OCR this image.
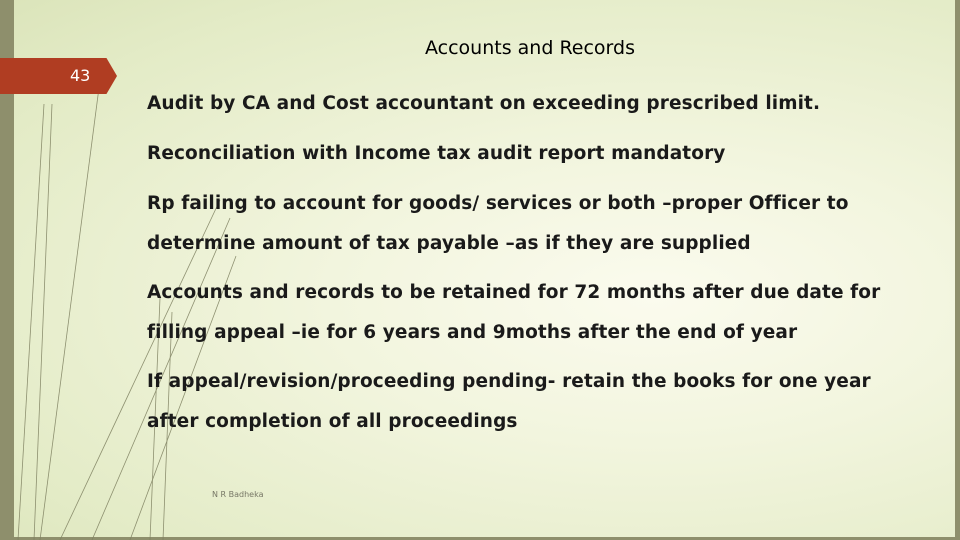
43
Accounts and Records
Audit by CA and Cost accountant on exceeding prescribed limit.
Reconciliation with Income tax audit report mandatory
Rp failing to account for goods/ services or both –proper Officer to
determine amount of tax payable –as if they are supplied
Accounts and records to be retained for 72 months after due date for
filling appeal –ie for 6 years and 9moths after the end of year
If appeal/revision/proceeding pending- retain the books for one year
after completion of all proceedings
N R Badheka
